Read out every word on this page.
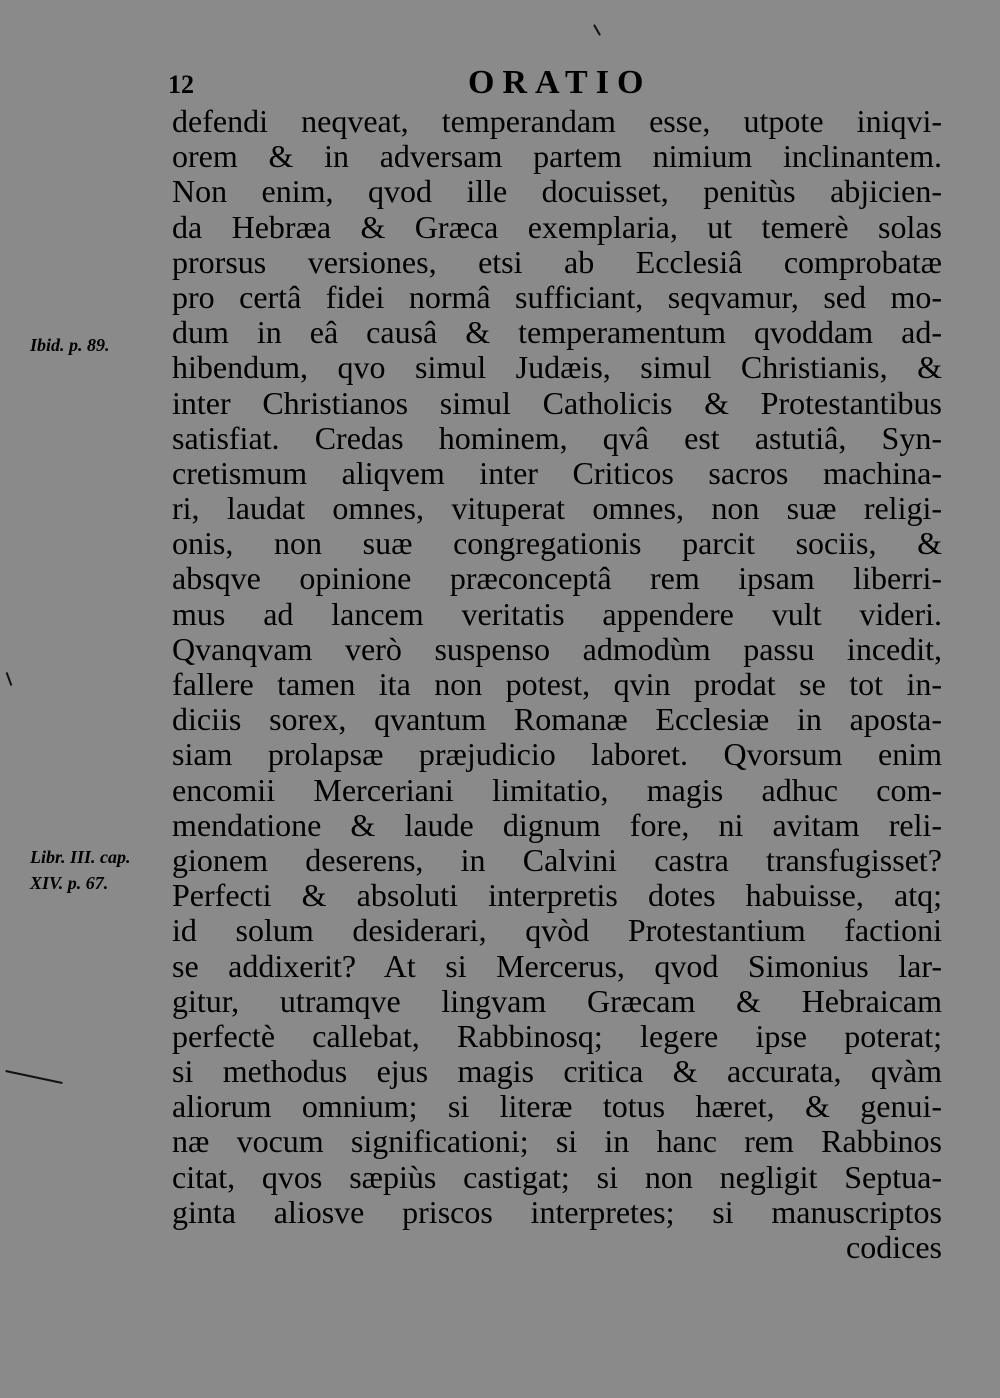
12	ORATIO
Ibid. p. 89.
Libr. III. cap. XIV. p. 67.
defendi neqveat, temperandam esse, utpote iniqvi-
orem & in adversam partem nimium inclinantem.
Non enim, qvod ille docuisset, penitùs abjicien-
da Hebræa & Græca exemplaria, ut temerè solas
prorsus versiones, etsi ab Ecclesiâ comprobatæ
pro certâ fidei normâ sufficiant, seqvamur, sed mo-
dum in eâ causâ & temperamentum qvoddam ad-
hibendum, qvo simul Judæis, simul Christianis, &
inter Christianos simul Catholicis & Protestantibus
satisfiat. Credas hominem, qvâ est astutiâ, Syn-
cretismum aliqvem inter Criticos sacros machina-
ri, laudat omnes, vituperat omnes, non suæ religi-
onis, non suæ congregationis parcit sociis, &
absqve opinione præconceptâ rem ipsam liberri-
mus ad lancem veritatis appendere vult videri.
Qvanqvam verò suspenso admodùm passu incedit,
fallere tamen ita non potest, qvin prodat se tot in-
diciis sorex, qvantum Romanæ Ecclesiæ in aposta-
siam prolapsæ præjudicio laboret. Qvorsum enim
encomii Merceriani limitatio, magis adhuc com-
mendatione & laude dignum fore, ni avitam reli-
gionem deserens, in Calvini castra transfugisset?
Perfecti & absoluti interpretis dotes habuisse, atq;
id solum desiderari, qvòd Protestantium factioni
se addixerit? At si Mercerus, qvod Simonius lar-
gitur, utramqve lingvam Græcam & Hebraicam
perfectè callebat, Rabbinosq; legere ipse poterat;
si methodus ejus magis critica & accurata, qvàm
aliorum omnium; si literæ totus hæret, & genui-
næ vocum significationi; si in hanc rem Rabbinos
citat, qvos sæpiùs castigat; si non negligit Septua-
ginta aliosve priscos interpretes; si manuscriptos
codices
